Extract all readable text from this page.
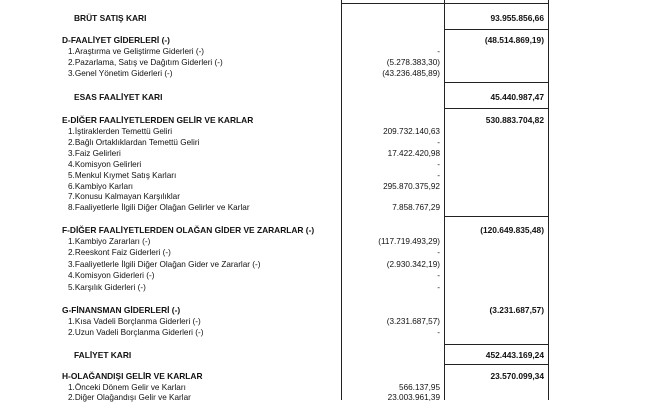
BRÜT SATIŞ KARI	93.955.856,66
D-FAALİYET GİDERLERİ (-)	(48.514.869,19)
1.Araştırma ve Geliştirme Giderleri (-)	-
2.Pazarlama, Satış ve Dağıtım Giderleri (-)	(5.278.383,30)
3.Genel Yönetim Giderleri (-)	(43.236.485,89)
ESAS FAALİYET KARI	45.440.987,47
E-DİĞER FAALİYETLERDEN GELİR VE KARLAR	530.883.704,82
1.İştiraklerden Temettü Geliri	209.732.140,63
2.Bağlı Ortaklıklardan Temettü Geliri	-
3.Faiz Gelirleri	17.422.420,98
4.Komisyon Gelirleri	-
5.Menkul Kıymet Satış Karları	-
6.Kambiyo Karları	295.870.375,92
7.Konusu Kalmayan Karşılıklar
8.Faaliyetlerle İlgili Diğer Olağan Gelirler ve Karlar	7.858.767,29
F-DİĞER FAALİYETLERDEN OLAĞAN GİDER VE ZARARLAR (-)	(120.649.835,48)
1.Kambiyo Zararları (-)	(117.719.493,29)
2.Reeskont Faiz Giderleri (-)	-
3.Faaliyetlerle İlgili Diğer Olağan Gider ve Zararlar (-)	(2.930.342,19)
4.Komisyon Giderleri (-)	-
5.Karşılık Giderleri (-)	-
G-FİNANSMAN GİDERLERİ (-)	(3.231.687,57)
1.Kısa Vadeli Borçlanma Giderleri (-)	(3.231.687,57)
2.Uzun Vadeli Borçlanma Giderleri (-)	-
FALİYET KARI	452.443.169,24
H-OLAĞANDIŞI GELİR VE KARLAR	23.570.099,34
1.Önceki Dönem Gelir ve Karları	566.137,95
2.Diğer Olağandışı Gelir ve Karlar	23.003.961,39
